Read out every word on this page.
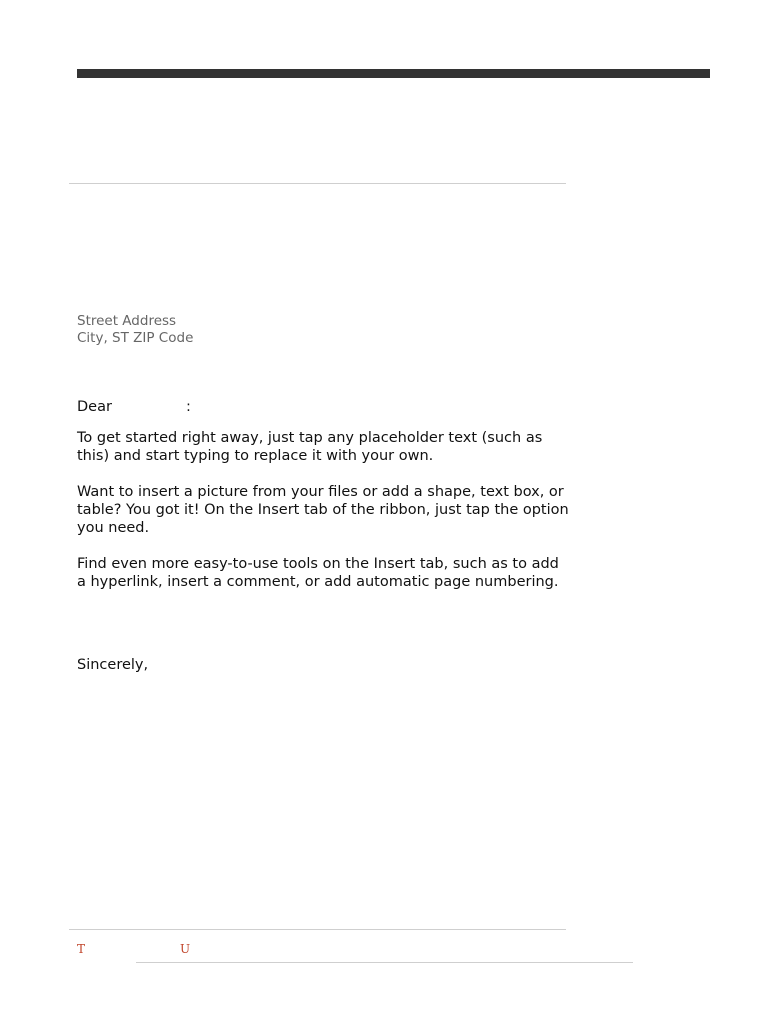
Street Address
City, ST ZIP Code
Dear	:

To get started right away, just tap any placeholder text (such as this) and start typing to replace it with your own.

Want to insert a picture from your files or add a shape, text box, or table? You got it! On the Insert tab of the ribbon, just tap the option you need.

Find even more easy-to-use tools on the Insert tab, such as to add a hyperlink, insert a comment, or add automatic page numbering.

Sincerely,
T	U
